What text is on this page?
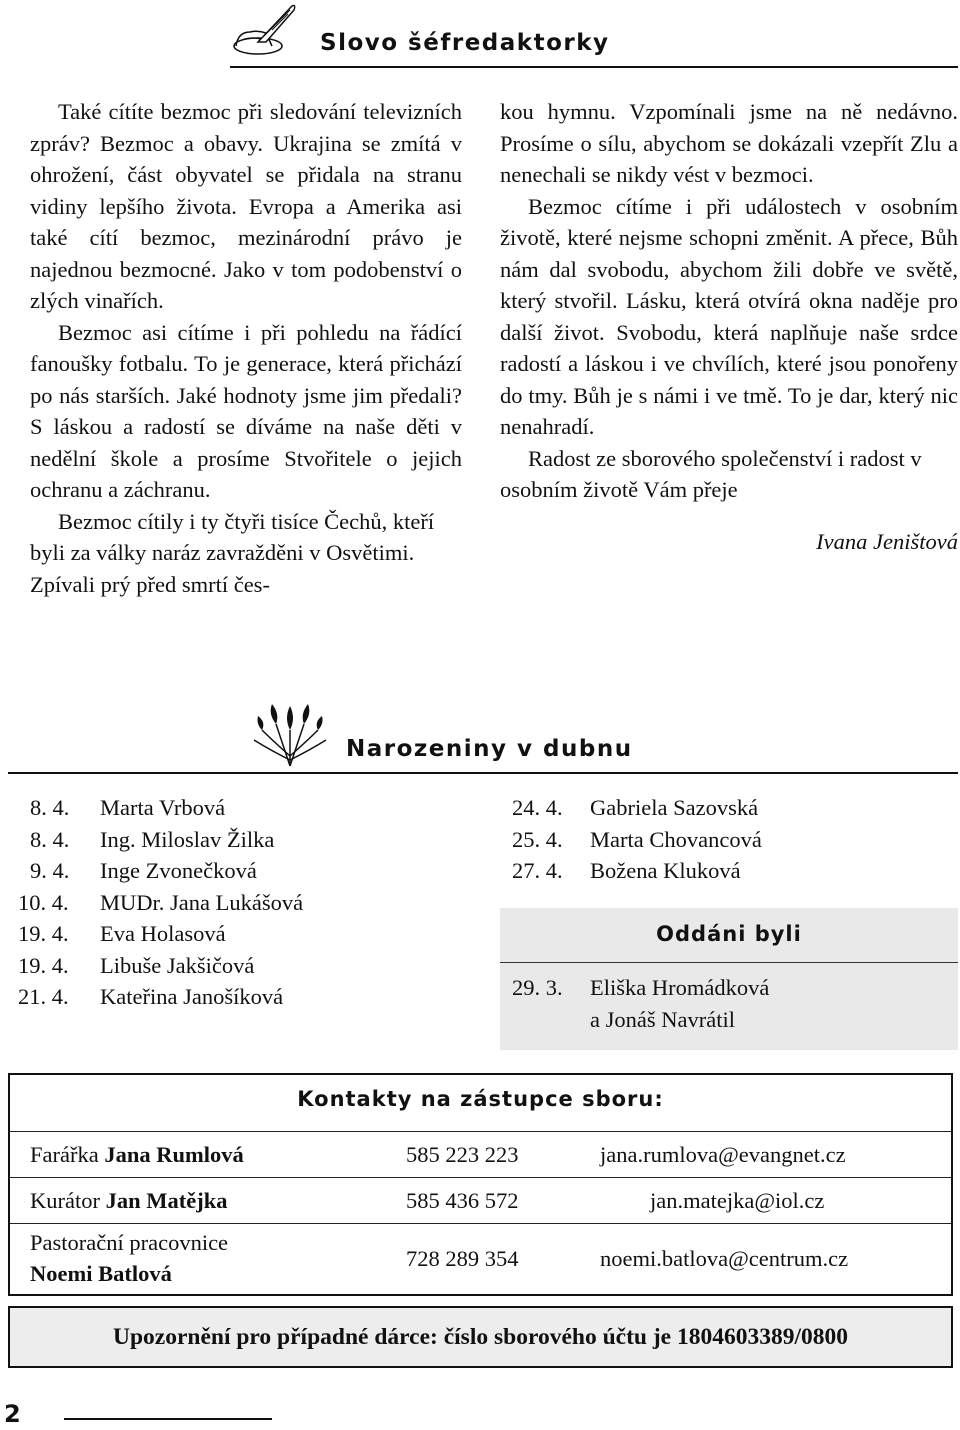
Slovo šéfredaktorky

Také cítíte bezmoc při sledování televizních zpráv? Bezmoc a obavy. Ukrajina se zmítá v ohrožení, část obyvatel se přidala na stranu vidiny lepšího života. Evropa a Amerika asi také cítí bezmoc, mezinárodní právo je najednou bezmocné. Jako v tom podobenství o zlých vinařích.

Bezmoc asi cítíme i při pohledu na řádící fanoušky fotbalu. To je generace, která přichází po nás starších. Jaké hodnoty jsme jim předali? S láskou a radostí se díváme na naše děti v nedělní škole a prosíme Stvořitele o jejich ochranu a záchranu.

Bezmoc cítily i ty čtyři tisíce Čechů, kteří byli za války naráz zavražděni v Osvětimi. Zpívali prý před smrtí čes-

kou hymnu. Vzpomínali jsme na ně nedávno. Prosíme o sílu, abychom se dokázali vzepřít Zlu a nenechali se nikdy vést v bezmoci.

Bezmoc cítíme i při událostech v osobním životě, které nejsme schopni změnit. A přece, Bůh nám dal svobodu, abychom žili dobře ve světě, který stvořil. Lásku, která otvírá okna naděje pro další život. Svobodu, která naplňuje naše srdce radostí a láskou i ve chvílích, které jsou ponořeny do tmy. Bůh je s námi i ve tmě. To je dar, který nic nenahradí.

Radost ze sborového společenství i radost v osobním životě Vám přeje

Ivana Jeništová
Narozeniny v dubnu
8. 4.	Marta Vrbová
8. 4.	Ing. Miloslav Žilka
9. 4.	Inge Zvonečková
10. 4.	MUDr. Jana Lukášová
19. 4.	Eva Holasová
19. 4.	Libuše Jakšičová
21. 4.	Kateřina Janošíková
24. 4.	Gabriela Sazovská
25. 4.	Marta Chovancová
27. 4.	Božena Kluková
Oddáni byli
29. 3.	Eliška Hromádková
a Jonáš Navrátil
Kontakty na zástupce sboru:
Farářka Jana Rumlová	585 223 223	jana.rumlova@evangnet.cz
Kurátor Jan Matějka	585 436 572	jan.matejka@iol.cz
Pastorační pracovnice
Noemi Batlová
728 289 354	noemi.batlova@centrum.cz
Upozornění pro případné dárce: číslo sborového účtu je 1804603389/0800
2
